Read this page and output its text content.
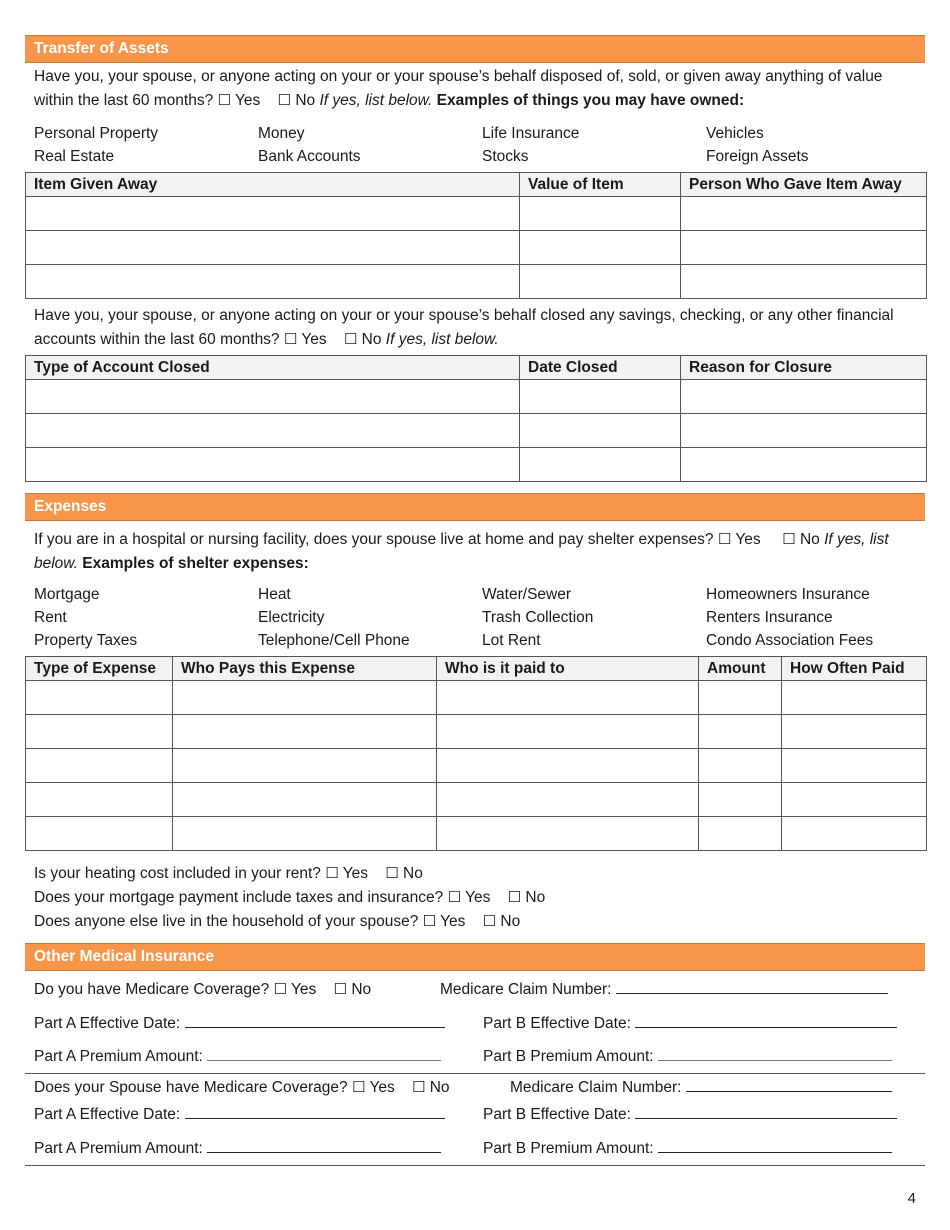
Transfer of Assets
Have you, your spouse, or anyone acting on your or your spouse’s behalf disposed of, sold, or given away anything of value within the last 60 months? ☐ Yes ☐ No If yes, list below. Examples of things you may have owned:
Personal Property	Money	Life Insurance	Vehicles
Real Estate	Bank Accounts	Stocks	Foreign Assets
Item Given Away	Value of Item	Person Who Gave Item Away

Have you, your spouse, or anyone acting on your or your spouse’s behalf closed any savings, checking, or any other financial accounts within the last 60 months? ☐ Yes ☐ No If yes, list below.
Type of Account Closed	Date Closed	Reason for Closure

Expenses
If you are in a hospital or nursing facility, does your spouse live at home and pay shelter expenses? ☐ Yes ☐ No If yes, list below. Examples of shelter expenses:
Mortgage	Heat	Water/Sewer	Homeowners Insurance
Rent	Electricity	Trash Collection	Renters Insurance
Property Taxes	Telephone/Cell Phone	Lot Rent	Condo Association Fees
Type of Expense	Who Pays this Expense	Who is it paid to	Amount	How Often Paid

Is your heating cost included in your rent? ☐ Yes ☐ No
Does your mortgage payment include taxes and insurance? ☐ Yes ☐ No
Does anyone else live in the household of your spouse? ☐ Yes ☐ No
Other Medical Insurance
Do you have Medicare Coverage? ☐ Yes ☐ No	Medicare Claim Number:
Part A Effective Date:	Part B Effective Date:
Part A Premium Amount:	Part B Premium Amount:
Does your Spouse have Medicare Coverage? ☐ Yes ☐ No	Medicare Claim Number:
Part A Effective Date:	Part B Effective Date:
Part A Premium Amount:	Part B Premium Amount:
4
